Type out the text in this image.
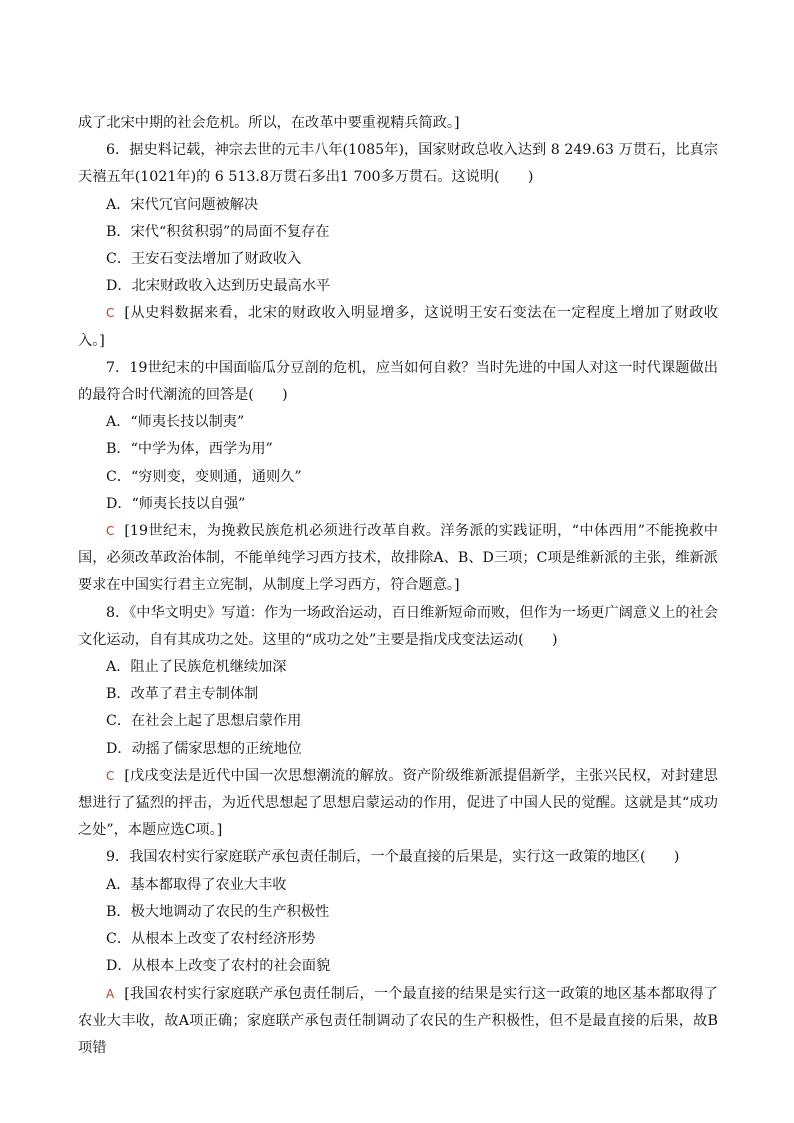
成了北宋中期的社会危机。所以，在改革中要重视精兵简政。]
6．据史料记载，神宗去世的元丰八年(1085年)，国家财政总收入达到 8 249.63 万贯石，比真宗天禧五年(1021年)的 6 513.8万贯石多出1 700多万贯石。这说明(　　)
A．宋代冗官问题被解决
B．宋代“积贫积弱”的局面不复存在
C．王安石变法增加了财政收入
D．北宋财政收入达到历史最高水平
C [从史料数据来看，北宋的财政收入明显增多，这说明王安石变法在一定程度上增加了财政收入。]
7．19世纪末的中国面临瓜分豆剖的危机，应当如何自救？当时先进的中国人对这一时代课题做出的最符合时代潮流的回答是(　　)
A．“师夷长技以制夷”
B．“中学为体，西学为用”
C．“穷则变，变则通，通则久”
D．“师夷长技以自强”
C [19世纪末，为挽救民族危机必须进行改革自救。洋务派的实践证明，“中体西用”不能挽救中国，必须改革政治体制，不能单纯学习西方技术，故排除A、B、D三项；C项是维新派的主张，维新派要求在中国实行君主立宪制，从制度上学习西方，符合题意。]
8．《中华文明史》写道：作为一场政治运动，百日维新短命而败，但作为一场更广阔意义上的社会文化运动，自有其成功之处。这里的“成功之处”主要是指戊戌变法运动(　　)
A．阻止了民族危机继续加深
B．改革了君主专制体制
C．在社会上起了思想启蒙作用
D．动摇了儒家思想的正统地位
C [戊戌变法是近代中国一次思想潮流的解放。资产阶级维新派提倡新学，主张兴民权，对封建思想进行了猛烈的抨击，为近代思想起了思想启蒙运动的作用，促进了中国人民的觉醒。这就是其“成功之处”，本题应选C项。]
9．我国农村实行家庭联产承包责任制后，一个最直接的后果是，实行这一政策的地区(　　)
A．基本都取得了农业大丰收
B．极大地调动了农民的生产积极性
C．从根本上改变了农村经济形势
D．从根本上改变了农村的社会面貌
A [我国农村实行家庭联产承包责任制后，一个最直接的结果是实行这一政策的地区基本都取得了农业大丰收，故A项正确；家庭联产承包责任制调动了农民的生产积极性，但不是最直接的后果，故B项错
